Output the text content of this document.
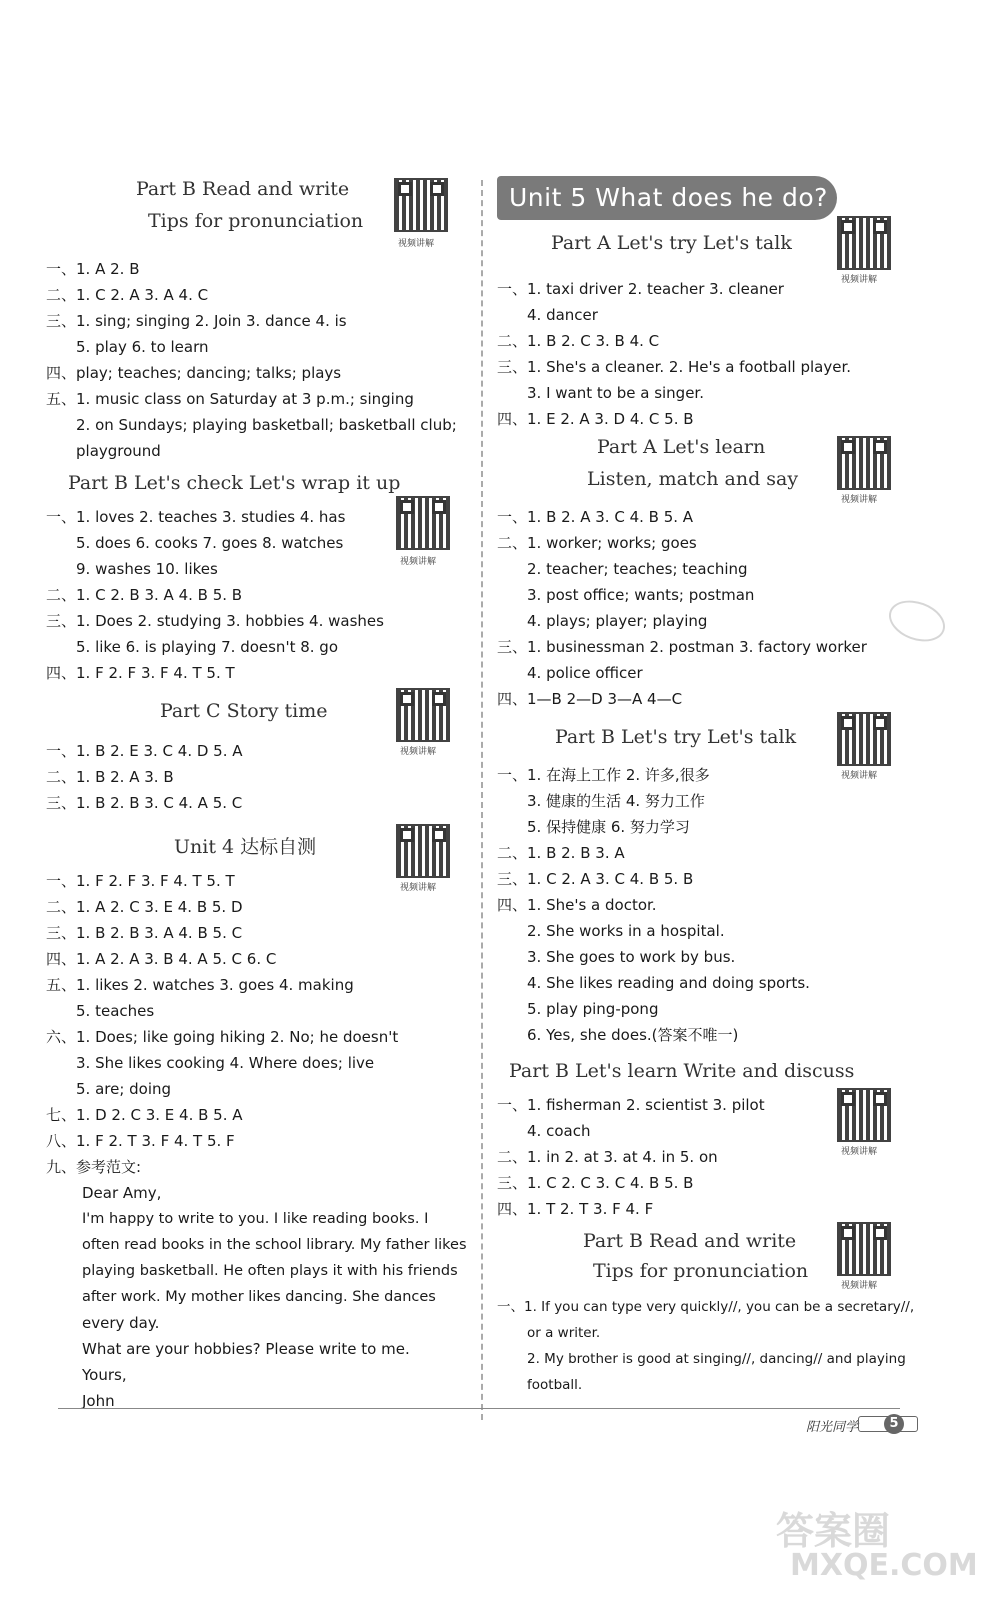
Part B Read and write
Tips for pronunciation
视频讲解
一、1. A 2. B
二、1. C 2. A 3. A 4. C
三、1. sing; singing 2. Join 3. dance 4. is
5. play 6. to learn
四、play; teaches; dancing; talks; plays
五、1. music class on Saturday at 3 p.m.; singing
2. on Sundays; playing basketball; basketball club;
playground
Part B Let's check Let's wrap it up
视频讲解
一、1. loves 2. teaches 3. studies 4. has
5. does 6. cooks 7. goes 8. watches
9. washes 10. likes
二、1. C 2. B 3. A 4. B 5. B
三、1. Does 2. studying 3. hobbies 4. washes
5. like 6. is playing 7. doesn't 8. go
四、1. F 2. F 3. F 4. T 5. T
Part C Story time
视频讲解
一、1. B 2. E 3. C 4. D 5. A
二、1. B 2. A 3. B
三、1. B 2. B 3. C 4. A 5. C
Unit 4 达标自测
视频讲解
一、1. F 2. F 3. F 4. T 5. T
二、1. A 2. C 3. E 4. B 5. D
三、1. B 2. B 3. A 4. B 5. C
四、1. A 2. A 3. B 4. A 5. C 6. C
五、1. likes 2. watches 3. goes 4. making
5. teaches
六、1. Does; like going hiking 2. No; he doesn't
3. She likes cooking 4. Where does; live
5. are; doing
七、1. D 2. C 3. E 4. B 5. A
八、1. F 2. T 3. F 4. T 5. F
九、参考范文:
Dear Amy,
I'm happy to write to you. I like reading books. I
often read books in the school library. My father likes
playing basketball. He often plays it with his friends
after work. My mother likes dancing. She dances
every day.
What are your hobbies? Please write to me.
Yours,
John
Unit 5 What does he do?
Part A Let's try Let's talk
视频讲解
一、1. taxi driver 2. teacher 3. cleaner
4. dancer
二、1. B 2. C 3. B 4. C
三、1. She's a cleaner. 2. He's a football player.
3. I want to be a singer.
四、1. E 2. A 3. D 4. C 5. B
Part A Let's learn
Listen, match and say
视频讲解
一、1. B 2. A 3. C 4. B 5. A
二、1. worker; works; goes
2. teacher; teaches; teaching
3. post office; wants; postman
4. plays; player; playing
三、1. businessman 2. postman 3. factory worker
4. police officer
四、1—B 2—D 3—A 4—C
Part B Let's try Let's talk
视频讲解
一、1. 在海上工作 2. 许多,很多
3. 健康的生活 4. 努力工作
5. 保持健康 6. 努力学习
二、1. B 2. B 3. A
三、1. C 2. A 3. C 4. B 5. B
四、1. She's a doctor.
2. She works in a hospital.
3. She goes to work by bus.
4. She likes reading and doing sports.
5. play ping-pong
6. Yes, she does.(答案不唯一)
Part B Let's learn Write and discuss
视频讲解
一、1. fisherman 2. scientist 3. pilot
4. coach
二、1. in 2. at 3. at 4. in 5. on
三、1. C 2. C 3. C 4. B 5. B
四、1. T 2. T 3. F 4. F
Part B Read and write
Tips for pronunciation
视频讲解
一、1. If you can type very quickly//, you can be a secretary//,
or a writer.
2. My brother is good at singing//, dancing// and playing
football.
阳光同学	5
答案圈
MXQE.COM
